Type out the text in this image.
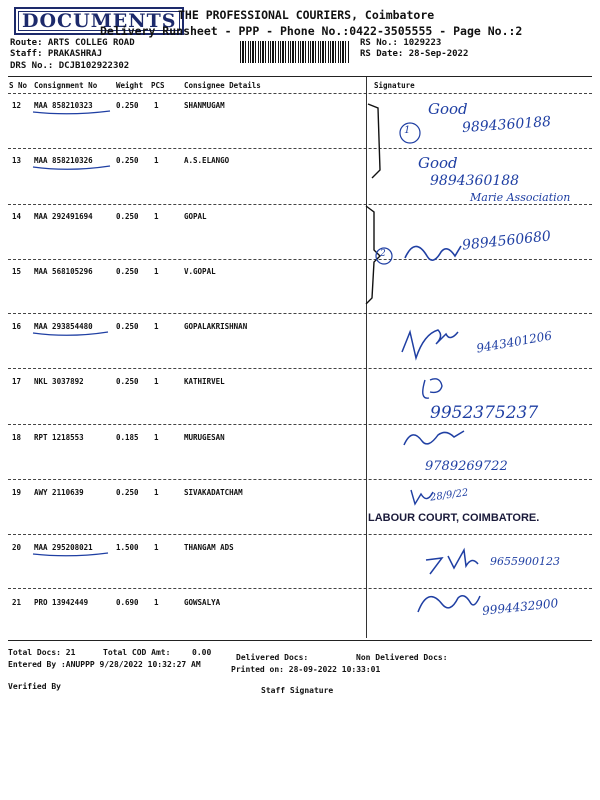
DOCUMENTS THE PROFESSIONAL COURIERS, Coimbatore
Delivery Runsheet - PPP - Phone No.:0422-3505555 - Page No.:2
Route: ARTS COLLEG ROAD
Staff: PRAKASHRAJ
DRS No.: DCJB102922302
RS No.: 1029223
RS Date: 28-Sep-2022
S No Consignment No	Weight PCS	Consignee Details	Signature
12 MAA 858210323	0.250 1	SHANMUGAM
13 MAA 858210326	0.250 1	A.S.ELANGO
14 MAA 292491694	0.250 1	GOPAL
15 MAA 568105296	0.250 1	V.GOPAL
16 MAA 293854480	0.250 1	GOPALAKRISHNAN
17 NKL 3037892	0.250 1	KATHIRVEL
18 RPT 1218553	0.185 1	MURUGESAN
19 AWY 2110639	0.250 1	SIVAKADATCHAM
20 MAA 295208021	1.500 1	THANGAM ADS
21 PRO 13942449	0.690 1	GOWSALYA
1
2
Good
9894360188
Good
9894360188
Marie Association
9894560680
9443401206
9952375237
9789269722
28/9/22
LABOUR COURT, COIMBATORE.
9655900123
9994432900
Total Docs: 21	Total COD Amt:	0.00
Delivered Docs:	Non Delivered Docs:
Entered By :ANUPPP 9/28/2022 10:32:27 AM
Printed on: 28-09-2022 10:33:01
Verified By	Staff Signature
